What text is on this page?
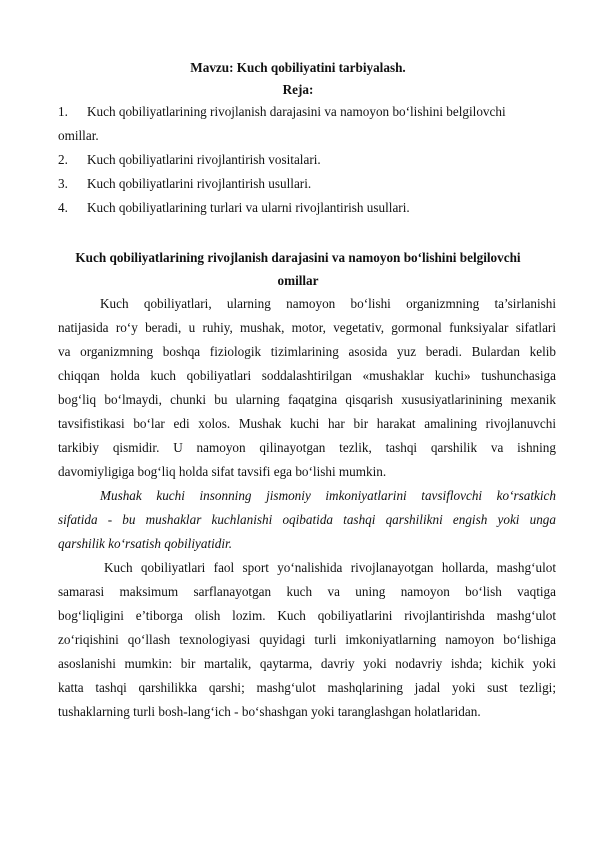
Mavzu: Kuch qobiliyatini tarbiyalash.
Reja:
1. Kuch qobiliyatlarining rivojlanish darajasini va namoyon bo‘lishini belgilovchi
omillar.
2. Kuch qobiliyatlarini rivojlantirish vositalari.
3. Kuch qobiliyatlarini rivojlantirish usullari.
4. Kuch qobiliyatlarining turlari va ularni rivojlantirish usullari.
Kuch qobiliyatlarining rivojlanish darajasini va namoyon bo‘lishini belgilovchi
omillar
Kuch qobiliyatlari, ularning namoyon bo‘lishi organizmning ta’sirlanishi
natijasida ro‘y beradi, u ruhiy, mushak, motor, vegetativ, gormonal funksiyalar sifatlari
va organizmning boshqa fiziologik tizimlarining asosida yuz beradi. Bulardan kelib
chiqqan holda kuch qobiliyatlari soddalashtirilgan «mushaklar kuchi» tushunchasiga
bog‘liq bo‘lmaydi, chunki bu ularning faqatgina qisqarish xususiyatlarinining mexanik
tavsifistikasi bo‘lar edi xolos. Mushak kuchi har bir harakat amalining rivojlanuvchi
tarkibiy qismidir. U namoyon qilinayotgan tezlik, tashqi qarshilik va ishning
davomiyligiga bog‘liq holda sifat tavsifi ega bo‘lishi mumkin.
Mushak kuchi insonning jismoniy imkoniyatlarini tavsiflovchi ko‘rsatkich
sifatida - bu mushaklar kuchlanishi oqibatida tashqi qarshilikni engish yoki unga
qarshilik ko‘rsatish qobiliyatidir.
Kuch qobiliyatlari faol sport yo‘nalishida rivojlanayotgan hollarda, mashg‘ulot
samarasi maksimum sarflanayotgan kuch va uning namoyon bo‘lish vaqtiga
bog‘liqligini e’tiborga olish lozim. Kuch qobiliyatlarini rivojlantirishda mashg‘ulot
zo‘riqishini qo‘llash texnologiyasi quyidagi turli imkoniyatlarning namoyon bo‘lishiga
asoslanishi mumkin: bir martalik, qaytarma, davriy yoki nodavriy ishda; kichik yoki
katta tashqi qarshilikka qarshi; mashg‘ulot mashqlarining jadal yoki sust tezligi;
tushaklarning turli bosh-lang‘ich - bo‘shashgan yoki taranglashgan holatlaridan.
